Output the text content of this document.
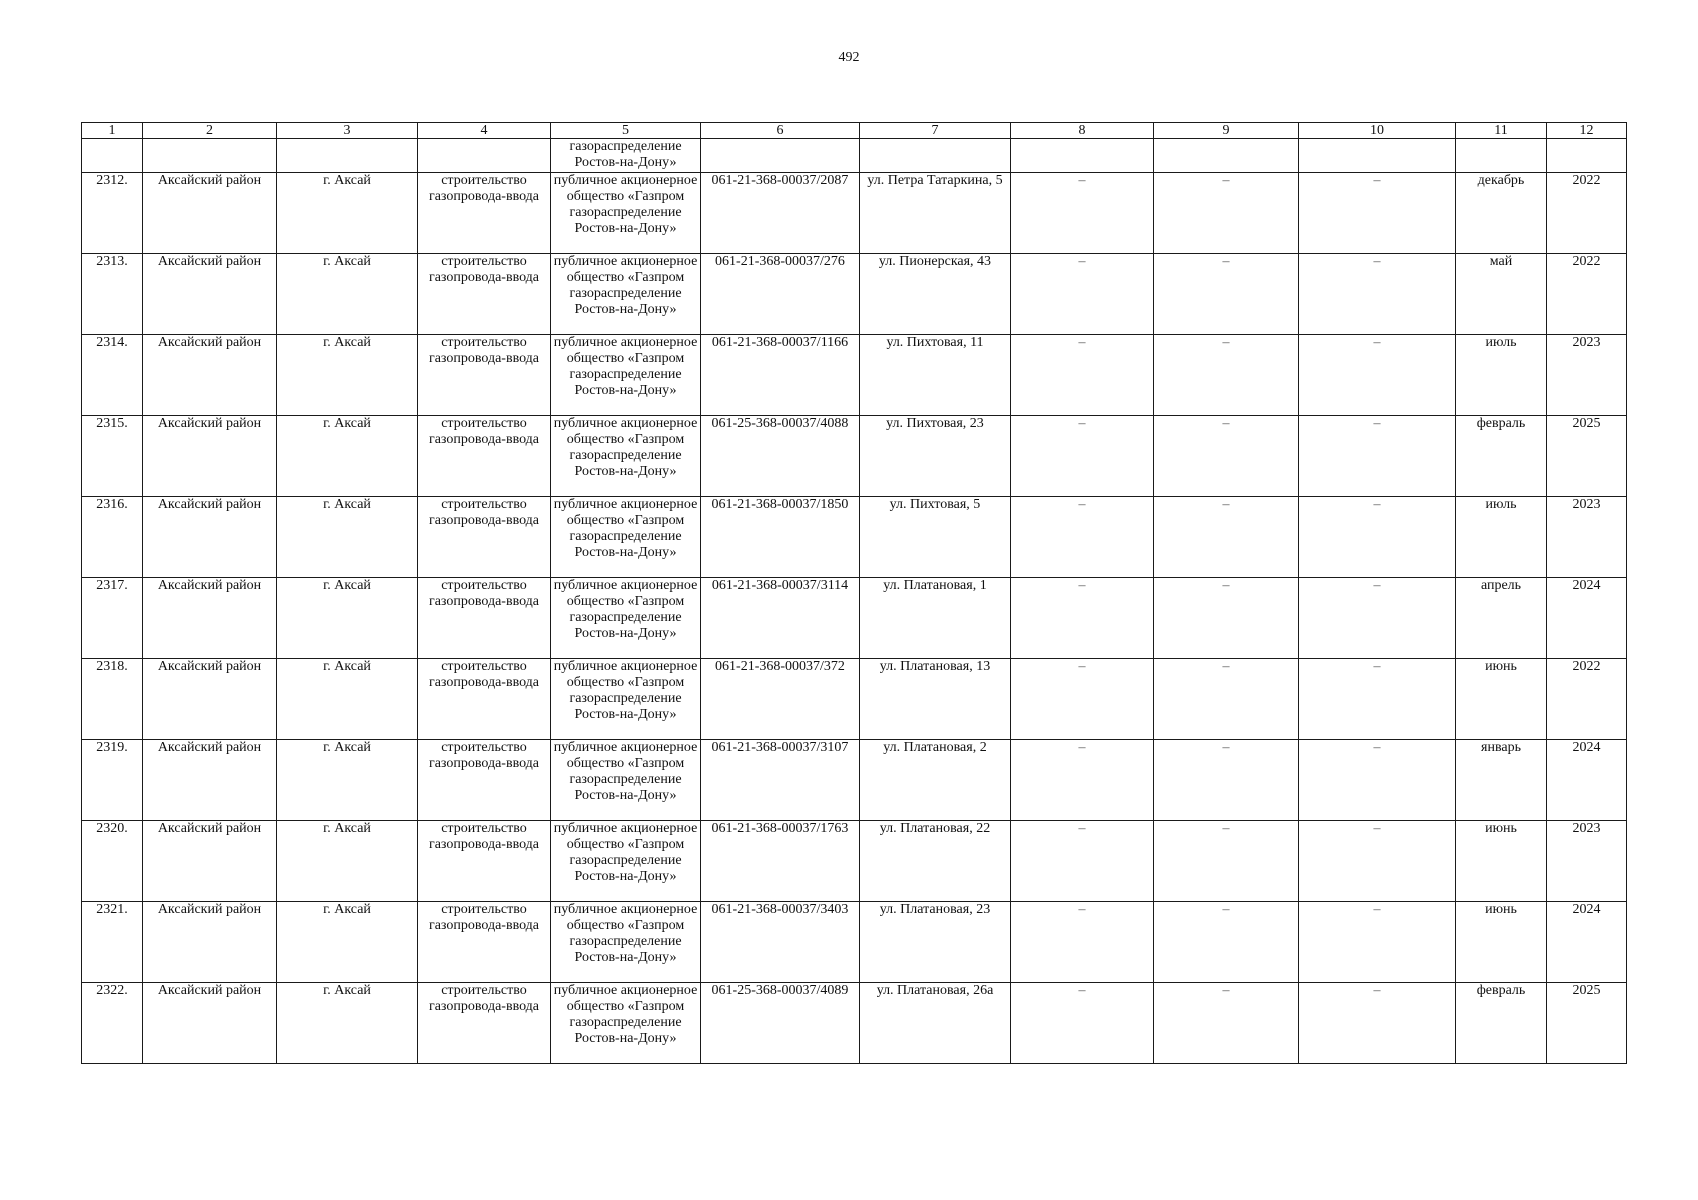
492
1	2	3	4	5	6	7	8	9	10	11	12
				газораспределение Ростов-на-Дону»							
2312.	Аксайский район	г. Аксай	строительство газопровода-ввода	публичное акционерное общество «Газпром газораспределение Ростов-на-Дону»	061-21-368-00037/2087	ул. Петра Татаркина, 5	–	–	–	декабрь	2022
2313.	Аксайский район	г. Аксай	строительство газопровода-ввода	публичное акционерное общество «Газпром газораспределение Ростов-на-Дону»	061-21-368-00037/276	ул. Пионерская, 43	–	–	–	май	2022
2314.	Аксайский район	г. Аксай	строительство газопровода-ввода	публичное акционерное общество «Газпром газораспределение Ростов-на-Дону»	061-21-368-00037/1166	ул. Пихтовая, 11	–	–	–	июль	2023
2315.	Аксайский район	г. Аксай	строительство газопровода-ввода	публичное акционерное общество «Газпром газораспределение Ростов-на-Дону»	061-25-368-00037/4088	ул. Пихтовая, 23	–	–	–	февраль	2025
2316.	Аксайский район	г. Аксай	строительство газопровода-ввода	публичное акционерное общество «Газпром газораспределение Ростов-на-Дону»	061-21-368-00037/1850	ул. Пихтовая, 5	–	–	–	июль	2023
2317.	Аксайский район	г. Аксай	строительство газопровода-ввода	публичное акционерное общество «Газпром газораспределение Ростов-на-Дону»	061-21-368-00037/3114	ул. Платановая, 1	–	–	–	апрель	2024
2318.	Аксайский район	г. Аксай	строительство газопровода-ввода	публичное акционерное общество «Газпром газораспределение Ростов-на-Дону»	061-21-368-00037/372	ул. Платановая, 13	–	–	–	июнь	2022
2319.	Аксайский район	г. Аксай	строительство газопровода-ввода	публичное акционерное общество «Газпром газораспределение Ростов-на-Дону»	061-21-368-00037/3107	ул. Платановая, 2	–	–	–	январь	2024
2320.	Аксайский район	г. Аксай	строительство газопровода-ввода	публичное акционерное общество «Газпром газораспределение Ростов-на-Дону»	061-21-368-00037/1763	ул. Платановая, 22	–	–	–	июнь	2023
2321.	Аксайский район	г. Аксай	строительство газопровода-ввода	публичное акционерное общество «Газпром газораспределение Ростов-на-Дону»	061-21-368-00037/3403	ул. Платановая, 23	–	–	–	июнь	2024
2322.	Аксайский район	г. Аксай	строительство газопровода-ввода	публичное акционерное общество «Газпром газораспределение Ростов-на-Дону»	061-25-368-00037/4089	ул. Платановая, 26а	–	–	–	февраль	2025
